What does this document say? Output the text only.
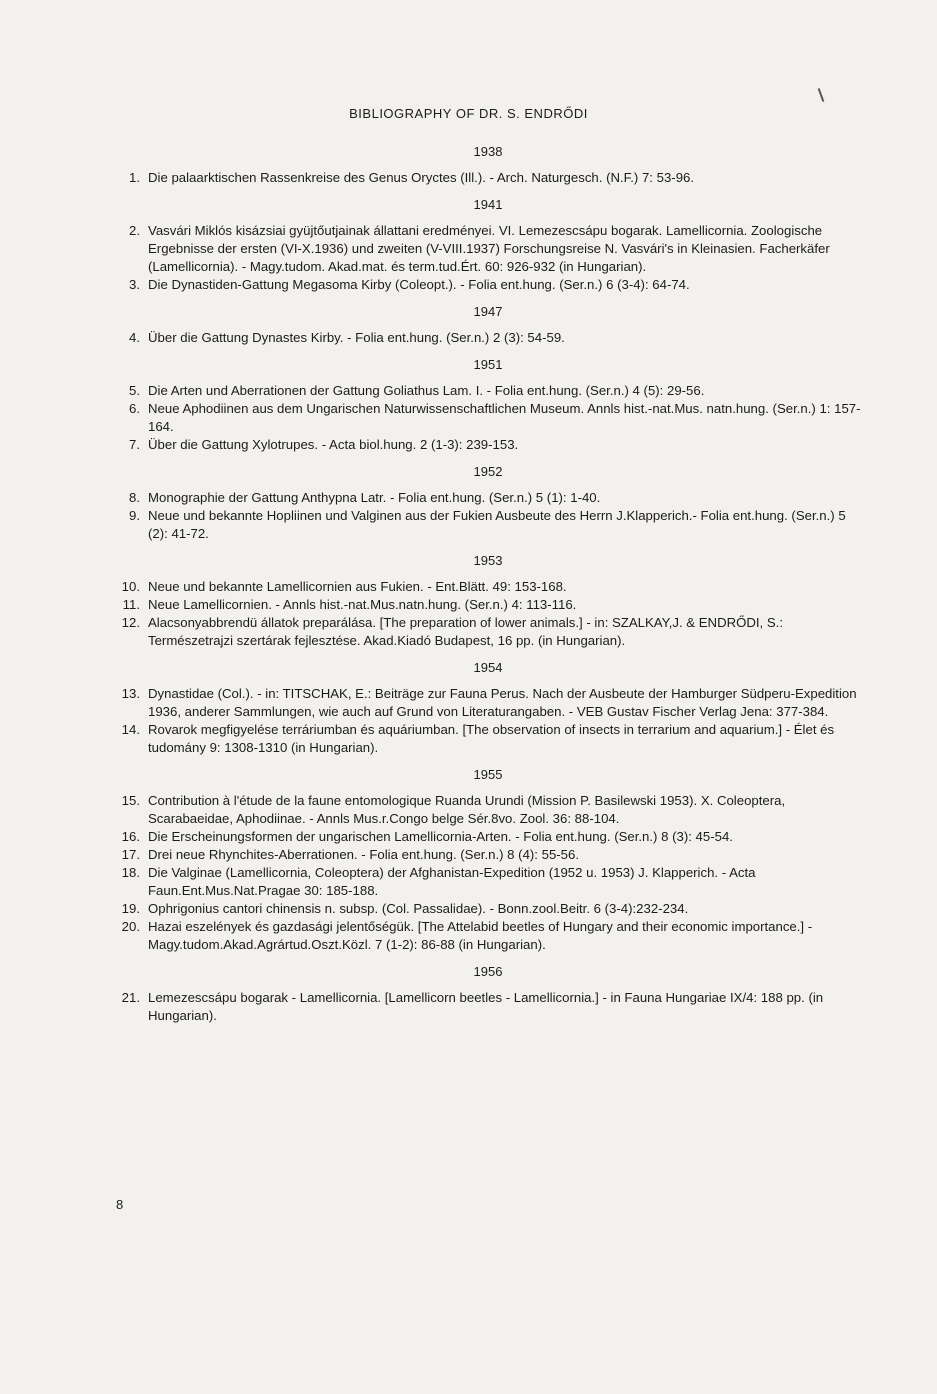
BIBLIOGRAPHY OF DR. S. ENDRŐDI
1938
1. Die palaarktischen Rassenkreise des Genus Oryctes (Ill.). - Arch. Naturgesch. (N.F.) 7: 53-96.
1941
2. Vasvári Miklós kisázsiai gyüjtőutjainak állattani eredményei. VI. Lemezescsápu bogarak. Lamellicornia. Zoologische Ergebnisse der ersten (VI-X.1936) und zweiten (V-VIII.1937) Forschungsreise N. Vasvári's in Kleinasien. Facherkäfer (Lamellicornia). - Magy.tudom. Akad.mat. és term.tud.Ért. 60: 926-932 (in Hungarian).
3. Die Dynastiden-Gattung Megasoma Kirby (Coleopt.). - Folia ent.hung. (Ser.n.) 6 (3-4): 64-74.
1947
4. Über die Gattung Dynastes Kirby. - Folia ent.hung. (Ser.n.) 2 (3): 54-59.
1951
5. Die Arten und Aberrationen der Gattung Goliathus Lam. I. - Folia ent.hung. (Ser.n.) 4 (5): 29-56.
6. Neue Aphodiinen aus dem Ungarischen Naturwissenschaftlichen Museum. Annls hist.-nat.Mus. natn.hung. (Ser.n.) 1: 157-164.
7. Über die Gattung Xylotrupes. - Acta biol.hung. 2 (1-3): 239-153.
1952
8. Monographie der Gattung Anthypna Latr. - Folia ent.hung. (Ser.n.) 5 (1): 1-40.
9. Neue und bekannte Hopliinen und Valginen aus der Fukien Ausbeute des Herrn J.Klapperich.- Folia ent.hung. (Ser.n.) 5 (2): 41-72.
1953
10. Neue und bekannte Lamellicornien aus Fukien. - Ent.Blätt. 49: 153-168.
11. Neue Lamellicornien. - Annls hist.-nat.Mus.natn.hung. (Ser.n.) 4: 113-116.
12. Alacsonyabbrendü állatok preparálása. [The preparation of lower animals.] - in: SZALKAY,J. & ENDRŐDI, S.: Természetrajzi szertárak fejlesztése. Akad.Kiadó Budapest, 16 pp. (in Hungarian).
1954
13. Dynastidae (Col.). - in: TITSCHAK, E.: Beiträge zur Fauna Perus. Nach der Ausbeute der Hamburger Südperu-Expedition 1936, anderer Sammlungen, wie auch auf Grund von Literaturangaben. - VEB Gustav Fischer Verlag Jena: 377-384.
14. Rovarok megfigyelése terráriumban és aquáriumban. [The observation of insects in terrarium and aquarium.] - Élet és tudomány 9: 1308-1310 (in Hungarian).
1955
15. Contribution à l'étude de la faune entomologique Ruanda Urundi (Mission P. Basilewski 1953). X. Coleoptera, Scarabaeidae, Aphodiinae. - Annls Mus.r.Congo belge Sér.8vo. Zool. 36: 88-104.
16. Die Erscheinungsformen der ungarischen Lamellicornia-Arten. - Folia ent.hung. (Ser.n.) 8 (3): 45-54.
17. Drei neue Rhynchites-Aberrationen. - Folia ent.hung. (Ser.n.) 8 (4): 55-56.
18. Die Valginae (Lamellicornia, Coleoptera) der Afghanistan-Expedition (1952 u. 1953) J. Klapperich. - Acta Faun.Ent.Mus.Nat.Pragae 30: 185-188.
19. Ophrigonius cantori chinensis n. subsp. (Col. Passalidae). - Bonn.zool.Beitr. 6 (3-4):232-234.
20. Hazai eszelények és gazdasági jelentőségük. [The Attelabid beetles of Hungary and their economic importance.] - Magy.tudom.Akad.Agrártud.Oszt.Közl. 7 (1-2): 86-88 (in Hungarian).
1956
21. Lemezescsápu bogarak - Lamellicornia. [Lamellicorn beetles - Lamellicornia.] - in Fauna Hungariae IX/4: 188 pp. (in Hungarian).
8
